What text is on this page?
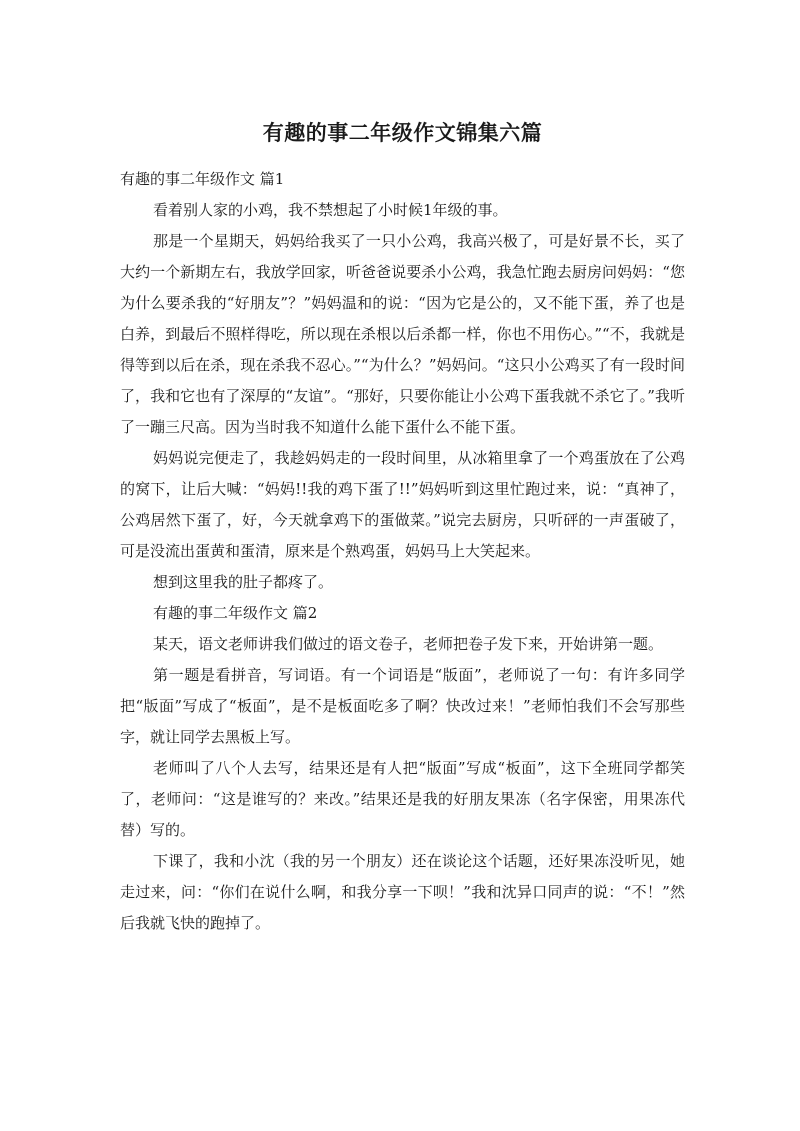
有趣的事二年级作文锦集六篇

有趣的事二年级作文 篇1

看着别人家的小鸡，我不禁想起了小时候1年级的事。

那是一个星期天，妈妈给我买了一只小公鸡，我高兴极了，可是好景不长，买了大约一个新期左右，我放学回家，听爸爸说要杀小公鸡，我急忙跑去厨房问妈妈：“您为什么要杀我的“好朋友”？”妈妈温和的说：“因为它是公的，又不能下蛋，养了也是白养，到最后不照样得吃，所以现在杀根以后杀都一样，你也不用伤心。”“不，我就是得等到以后在杀，现在杀我不忍心。”“为什么？”妈妈问。“这只小公鸡买了有一段时间了，我和它也有了深厚的“友谊”。“那好，只要你能让小公鸡下蛋我就不杀它了。”我听了一蹦三尺高。因为当时我不知道什么能下蛋什么不能下蛋。

妈妈说完便走了，我趁妈妈走的一段时间里，从冰箱里拿了一个鸡蛋放在了公鸡的窝下，让后大喊：“妈妈!!我的鸡下蛋了!!”妈妈听到这里忙跑过来，说：“真神了，公鸡居然下蛋了，好，今天就拿鸡下的蛋做菜。”说完去厨房，只听砰的一声蛋破了，可是没流出蛋黄和蛋清，原来是个熟鸡蛋，妈妈马上大笑起来。

想到这里我的肚子都疼了。

有趣的事二年级作文 篇2

某天，语文老师讲我们做过的语文卷子，老师把卷子发下来，开始讲第一题。

第一题是看拼音，写词语。有一个词语是“版面”，老师说了一句：有许多同学把“版面”写成了“板面”，是不是板面吃多了啊？快改过来！”老师怕我们不会写那些字，就让同学去黑板上写。

老师叫了八个人去写，结果还是有人把“版面”写成“板面”，这下全班同学都笑了，老师问：“这是谁写的？来改。”结果还是我的好朋友果冻（名字保密，用果冻代替）写的。

下课了，我和小沈（我的另一个朋友）还在谈论这个话题，还好果冻没听见，她走过来，问：“你们在说什么啊，和我分享一下呗！”我和沈异口同声的说：“不！”然后我就飞快的跑掉了。
